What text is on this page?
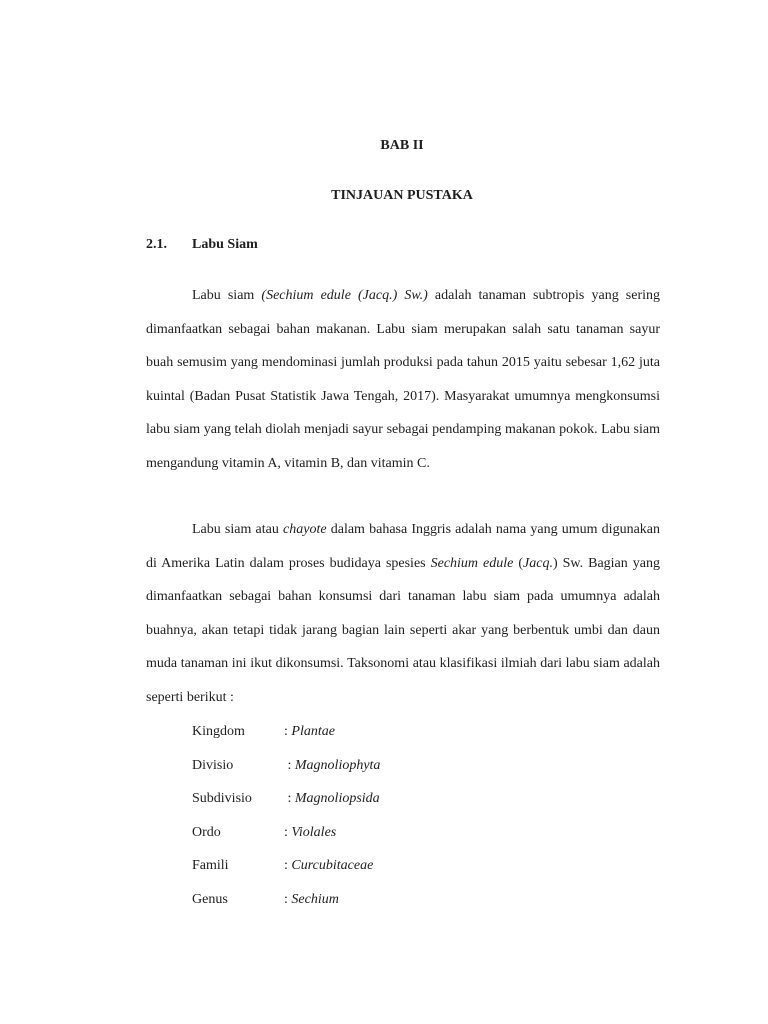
BAB II
TINJAUAN PUSTAKA
2.1. Labu Siam

Labu siam (Sechium edule (Jacq.) Sw.) adalah tanaman subtropis yang sering dimanfaatkan sebagai bahan makanan. Labu siam merupakan salah satu tanaman sayur buah semusim yang mendominasi jumlah produksi pada tahun 2015 yaitu sebesar 1,62 juta kuintal (Badan Pusat Statistik Jawa Tengah, 2017). Masyarakat umumnya mengkonsumsi labu siam yang telah diolah menjadi sayur sebagai pendamping makanan pokok. Labu siam mengandung vitamin A, vitamin B, dan vitamin C.

Labu siam atau chayote dalam bahasa Inggris adalah nama yang umum digunakan di Amerika Latin dalam proses budidaya spesies Sechium edule (Jacq.) Sw. Bagian yang dimanfaatkan sebagai bahan konsumsi dari tanaman labu siam pada umumnya adalah buahnya, akan tetapi tidak jarang bagian lain seperti akar yang berbentuk umbi dan daun muda tanaman ini ikut dikonsumsi. Taksonomi atau klasifikasi ilmiah dari labu siam adalah seperti berikut :

Kingdom	: Plantae
Divisio	: Magnoliophyta
Subdivisio : Magnoliopsida
Ordo	: Violales
Famili	: Curcubitaceae
Genus	: Sechium
